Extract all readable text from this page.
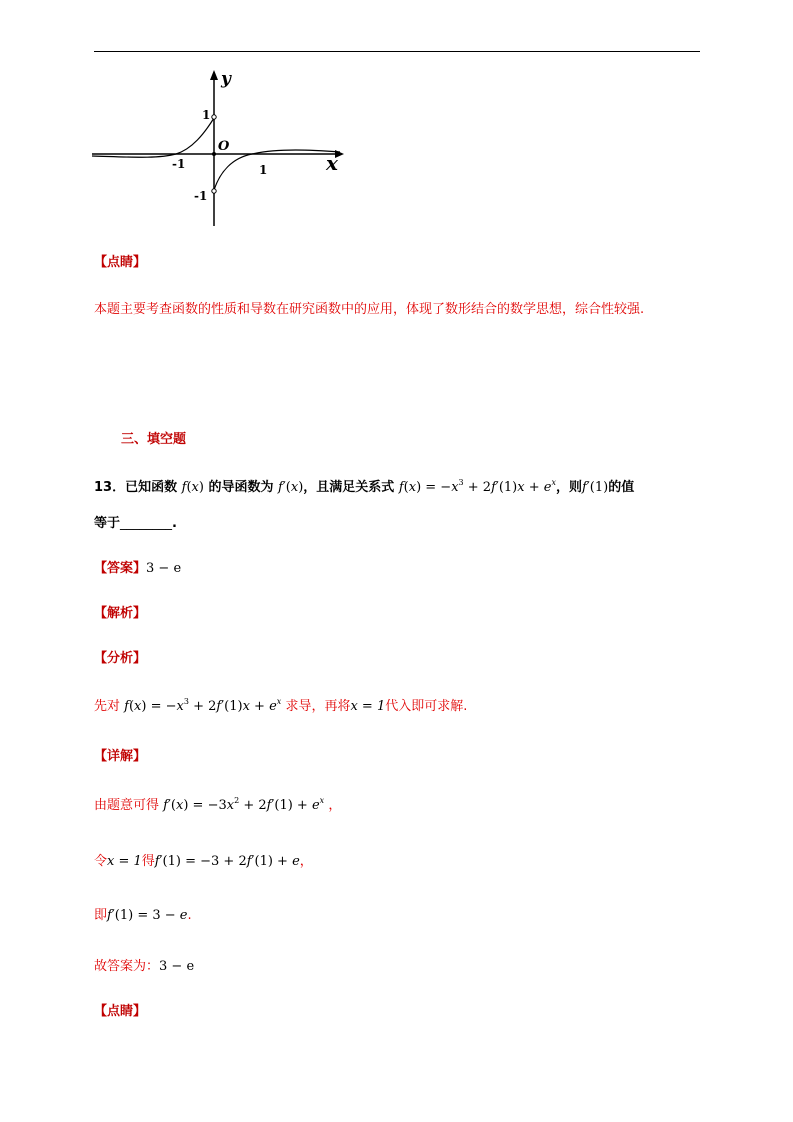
y
x
O
1
-1
-1	1
【点睛】
本题主要考查函数的性质和导数在研究函数中的应用，体现了数形结合的数学思想，综合性较强.
三、填空题
13．已知函数 f(x) 的导函数为 f′(x)，且满足关系式 $f(x) = -x^3 + 2f'(1)x + e^x$，则f′(1)的值
等于________.
【答案】3 − e
【解析】
【分析】
先对 $f(x) = -x^3 + 2f'(1)x + e^x$ 求导，再将x = 1代入即可求解.
【详解】
由题意可得 $f'(x) = -3x^2 + 2f'(1) + e^x$ ，
令x = 1得f′(1) = −3 + 2f′(1) + e，
即f′(1) = 3 − e.
故答案为：3 − e
【点睛】
